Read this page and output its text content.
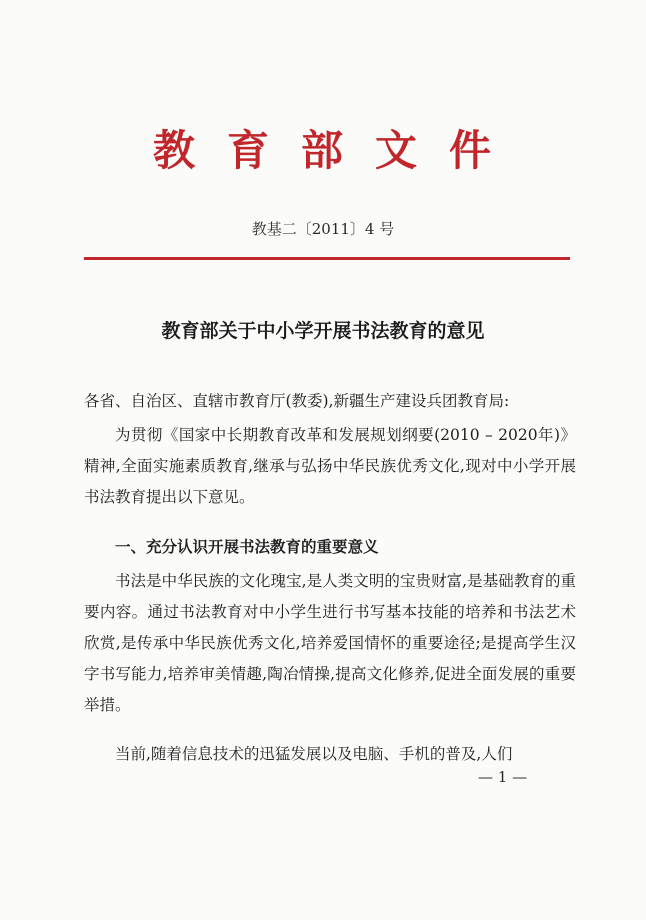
教 育 部 文 件
教基二〔2011〕4 号
教育部关于中小学开展书法教育的意见
各省、自治区、直辖市教育厅(教委),新疆生产建设兵团教育局:
为贯彻《国家中长期教育改革和发展规划纲要(2010 – 2020年)》精神,全面实施素质教育,继承与弘扬中华民族优秀文化,现对中小学开展书法教育提出以下意见。
一、充分认识开展书法教育的重要意义
书法是中华民族的文化瑰宝,是人类文明的宝贵财富,是基础教育的重要内容。通过书法教育对中小学生进行书写基本技能的培养和书法艺术欣赏,是传承中华民族优秀文化,培养爱国情怀的重要途径;是提高学生汉字书写能力,培养审美情趣,陶冶情操,提高文化修养,促进全面发展的重要举措。
当前,随着信息技术的迅猛发展以及电脑、手机的普及,人们
— 1 —
